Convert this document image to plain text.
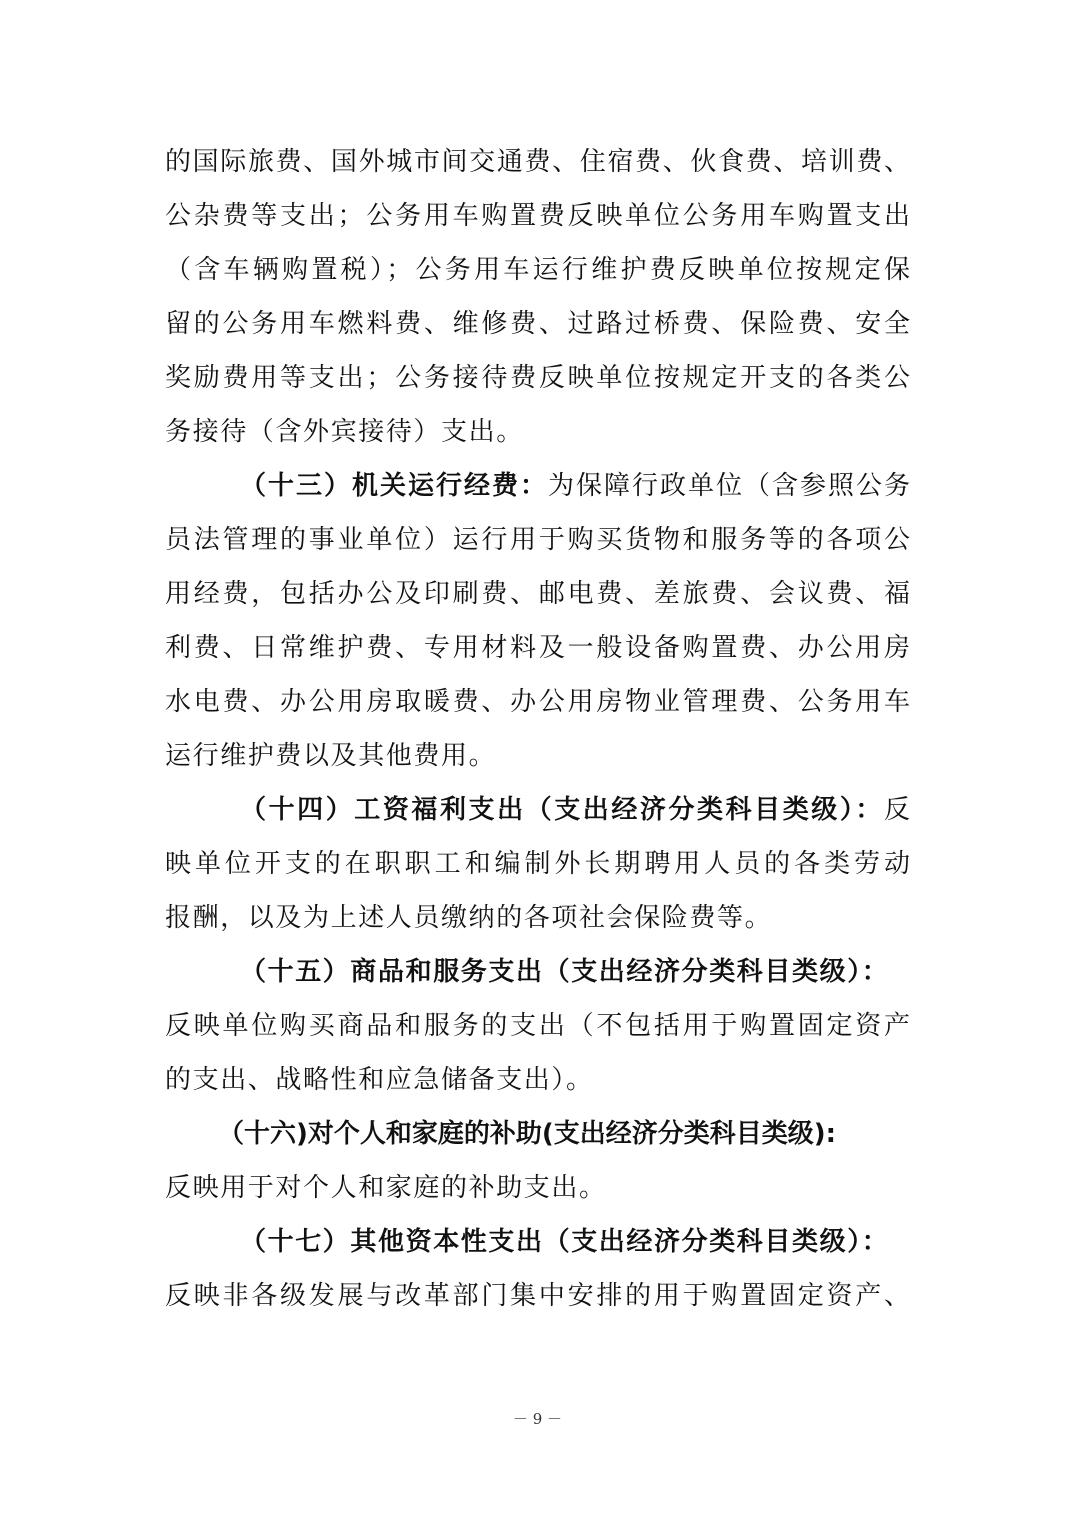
的国际旅费、国外城市间交通费、住宿费、伙食费、培训费、
公杂费等支出；公务用车购置费反映单位公务用车购置支出
（含车辆购置税）；公务用车运行维护费反映单位按规定保
留的公务用车燃料费、维修费、过路过桥费、保险费、安全
奖励费用等支出；公务接待费反映单位按规定开支的各类公
务接待（含外宾接待）支出。
（十三）机关运行经费：为保障行政单位（含参照公务
员法管理的事业单位）运行用于购买货物和服务等的各项公
用经费，包括办公及印刷费、邮电费、差旅费、会议费、福
利费、日常维护费、专用材料及一般设备购置费、办公用房
水电费、办公用房取暖费、办公用房物业管理费、公务用车
运行维护费以及其他费用。
（十四）工资福利支出（支出经济分类科目类级）：反
映单位开支的在职职工和编制外长期聘用人员的各类劳动
报酬，以及为上述人员缴纳的各项社会保险费等。
（十五）商品和服务支出（支出经济分类科目类级）：
反映单位购买商品和服务的支出（不包括用于购置固定资产
的支出、战略性和应急储备支出）。
（十六)对个人和家庭的补助(支出经济分类科目类级):
反映用于对个人和家庭的补助支出。
（十七）其他资本性支出（支出经济分类科目类级）：
反映非各级发展与改革部门集中安排的用于购置固定资产、
－ 9 －
